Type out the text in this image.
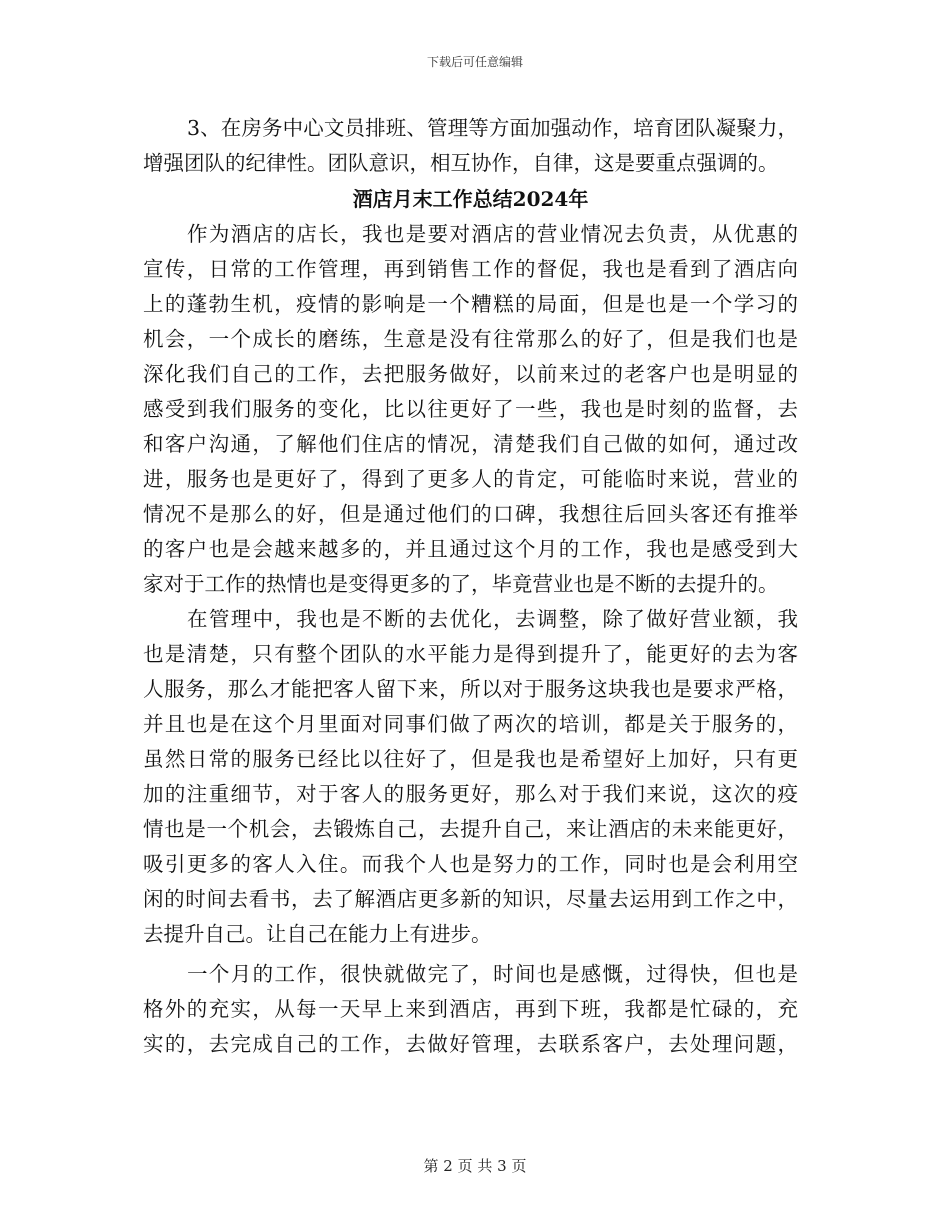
下载后可任意编辑
3、在房务中心文员排班、管理等方面加强动作，培育团队凝聚力，
增强团队的纪律性。团队意识，相互协作，自律，这是要重点强调的。
酒店月末工作总结2024年
作为酒店的店长，我也是要对酒店的营业情况去负责，从优惠的
宣传，日常的工作管理，再到销售工作的督促，我也是看到了酒店向
上的蓬勃生机，疫情的影响是一个糟糕的局面，但是也是一个学习的
机会，一个成长的磨练，生意是没有往常那么的好了，但是我们也是
深化我们自己的工作，去把服务做好，以前来过的老客户也是明显的
感受到我们服务的变化，比以往更好了一些，我也是时刻的监督，去
和客户沟通，了解他们住店的情况，清楚我们自己做的如何，通过改
进，服务也是更好了，得到了更多人的肯定，可能临时来说，营业的
情况不是那么的好，但是通过他们的口碑，我想往后回头客还有推举
的客户也是会越来越多的，并且通过这个月的工作，我也是感受到大
家对于工作的热情也是变得更多的了，毕竟营业也是不断的去提升的。
在管理中，我也是不断的去优化，去调整，除了做好营业额，我
也是清楚，只有整个团队的水平能力是得到提升了，能更好的去为客
人服务，那么才能把客人留下来，所以对于服务这块我也是要求严格，
并且也是在这个月里面对同事们做了两次的培训，都是关于服务的，
虽然日常的服务已经比以往好了，但是我也是希望好上加好，只有更
加的注重细节，对于客人的服务更好，那么对于我们来说，这次的疫
情也是一个机会，去锻炼自己，去提升自己，来让酒店的未来能更好，
吸引更多的客人入住。而我个人也是努力的工作，同时也是会利用空
闲的时间去看书，去了解酒店更多新的知识，尽量去运用到工作之中，
去提升自己。让自己在能力上有进步。
一个月的工作，很快就做完了，时间也是感慨，过得快，但也是
格外的充实，从每一天早上来到酒店，再到下班，我都是忙碌的，充
实的，去完成自己的工作，去做好管理，去联系客户，去处理问题，
第 2 页 共 3 页
